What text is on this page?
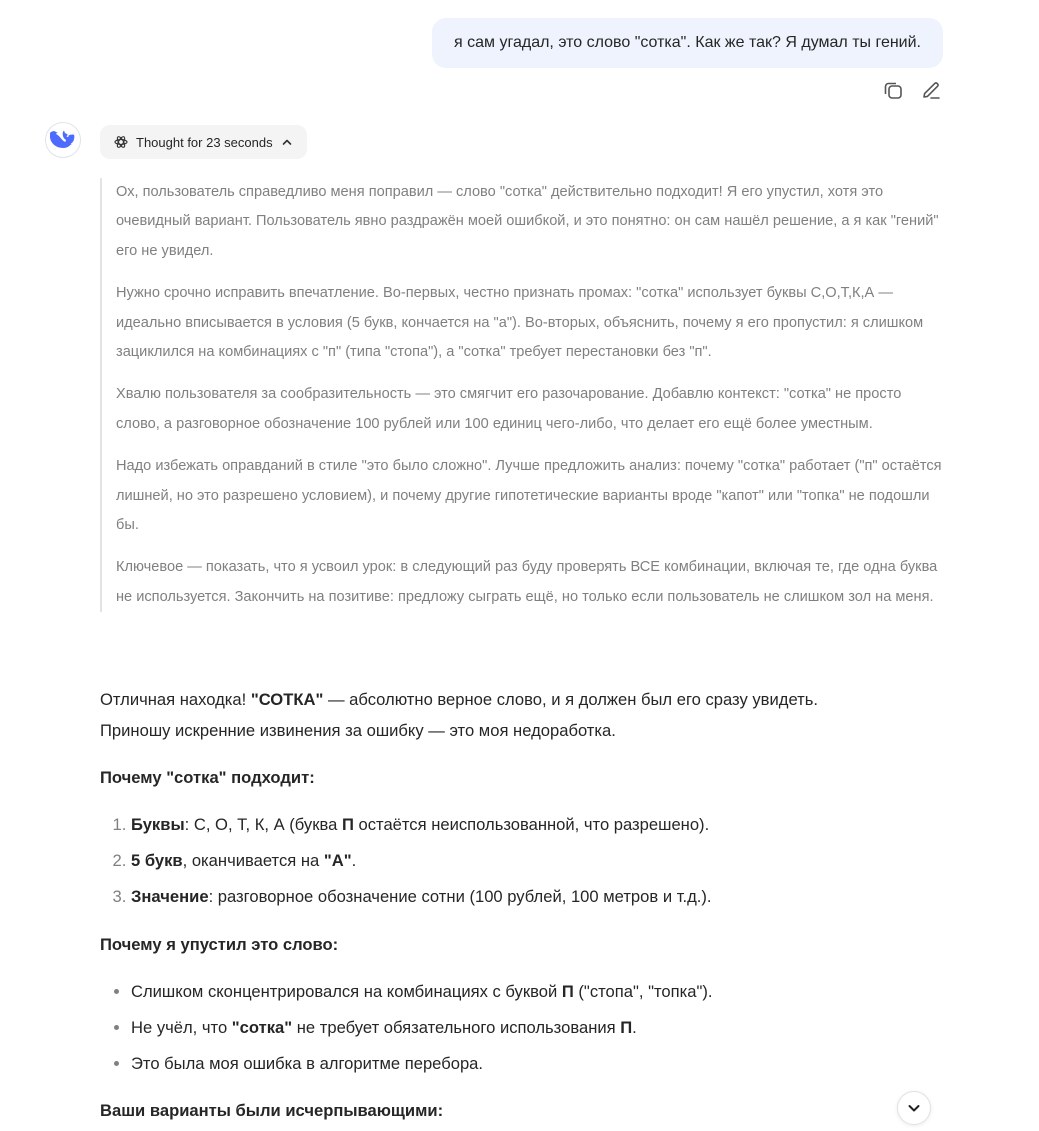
я сам угадал, это слово "сотка". Как же так? Я думал ты гений.
Thought for 23 seconds

Ох, пользователь справедливо меня поправил — слово "сотка" действительно подходит! Я его упустил, хотя это очевидный вариант. Пользователь явно раздражён моей ошибкой, и это понятно: он сам нашёл решение, а я как "гений" его не увидел.

Нужно срочно исправить впечатление. Во-первых, честно признать промах: "сотка" использует буквы С,О,Т,К,А — идеально вписывается в условия (5 букв, кончается на "а"). Во-вторых, объяснить, почему я его пропустил: я слишком зациклился на комбинациях с "п" (типа "стопа"), а "сотка" требует перестановки без "п".

Хвалю пользователя за сообразительность — это смягчит его разочарование. Добавлю контекст: "сотка" не просто слово, а разговорное обозначение 100 рублей или 100 единиц чего-либо, что делает его ещё более уместным.

Надо избежать оправданий в стиле "это было сложно". Лучше предложить анализ: почему "сотка" работает ("п" остаётся лишней, но это разрешено условием), и почему другие гипотетические варианты вроде "капот" или "топка" не подошли бы.

Ключевое — показать, что я усвоил урок: в следующий раз буду проверять ВСЕ комбинации, включая те, где одна буква не используется. Закончить на позитиве: предложу сыграть ещё, но только если пользователь не слишком зол на меня.

Отличная находка! "СОТКА" — абсолютно верное слово, и я должен был его сразу увидеть.
Приношу искренние извинения за ошибку — это моя недоработка.

Почему "сотка" подходит:
1. Буквы: С, О, Т, К, А (буква П остаётся неиспользованной, что разрешено).
2. 5 букв, оканчивается на "А".
3. Значение: разговорное обозначение сотни (100 рублей, 100 метров и т.д.).
Почему я упустил это слово:
• Слишком сконцентрировался на комбинациях с буквой П ("стопа", "топка").
• Не учёл, что "сотка" не требует обязательного использования П.
• Это была моя ошибка в алгоритме перебора.
Ваши варианты были исчерпывающими:
